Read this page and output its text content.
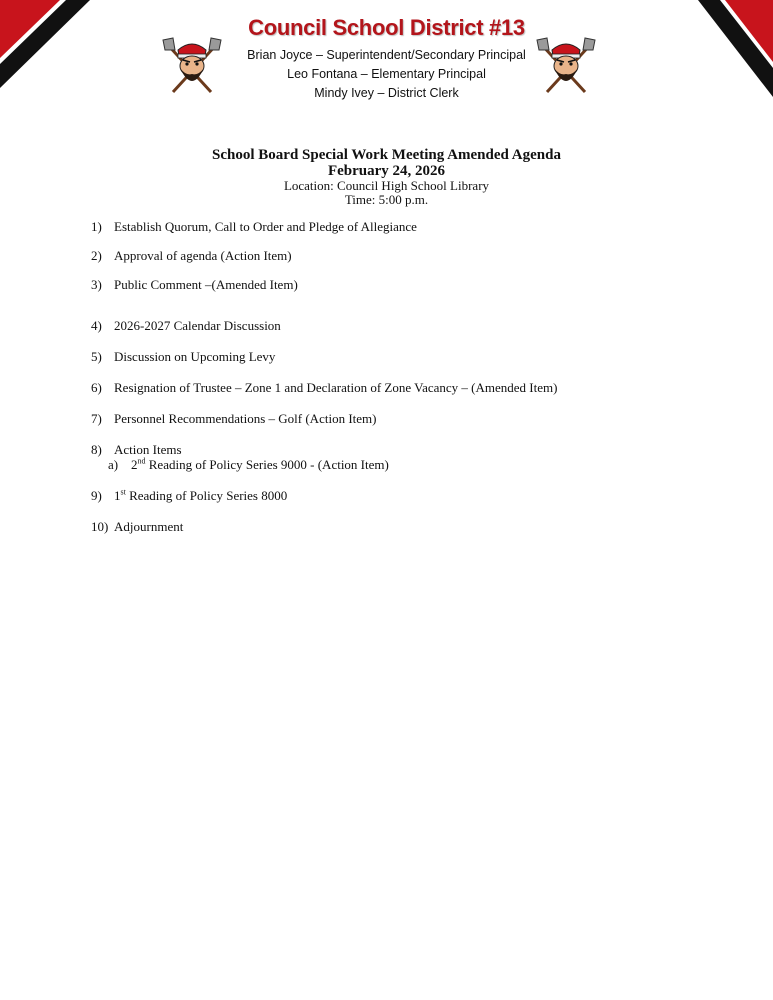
Council School District #13
Brian Joyce – Superintendent/Secondary Principal
Leo Fontana – Elementary Principal
Mindy Ivey – District Clerk
School Board Special Work Meeting Amended Agenda
February 24, 2026
Location: Council High School Library
Time: 5:00 p.m.
1) Establish Quorum, Call to Order and Pledge of Allegiance
2) Approval of agenda (Action Item)
3) Public Comment –(Amended Item)
4) 2026-2027 Calendar Discussion
5) Discussion on Upcoming Levy
6) Resignation of Trustee – Zone 1 and Declaration of Zone Vacancy – (Amended Item)
7) Personnel Recommendations – Golf (Action Item)
8) Action Items
a) 2nd Reading of Policy Series 9000 - (Action Item)
9) 1st Reading of Policy Series 8000
10) Adjournment
